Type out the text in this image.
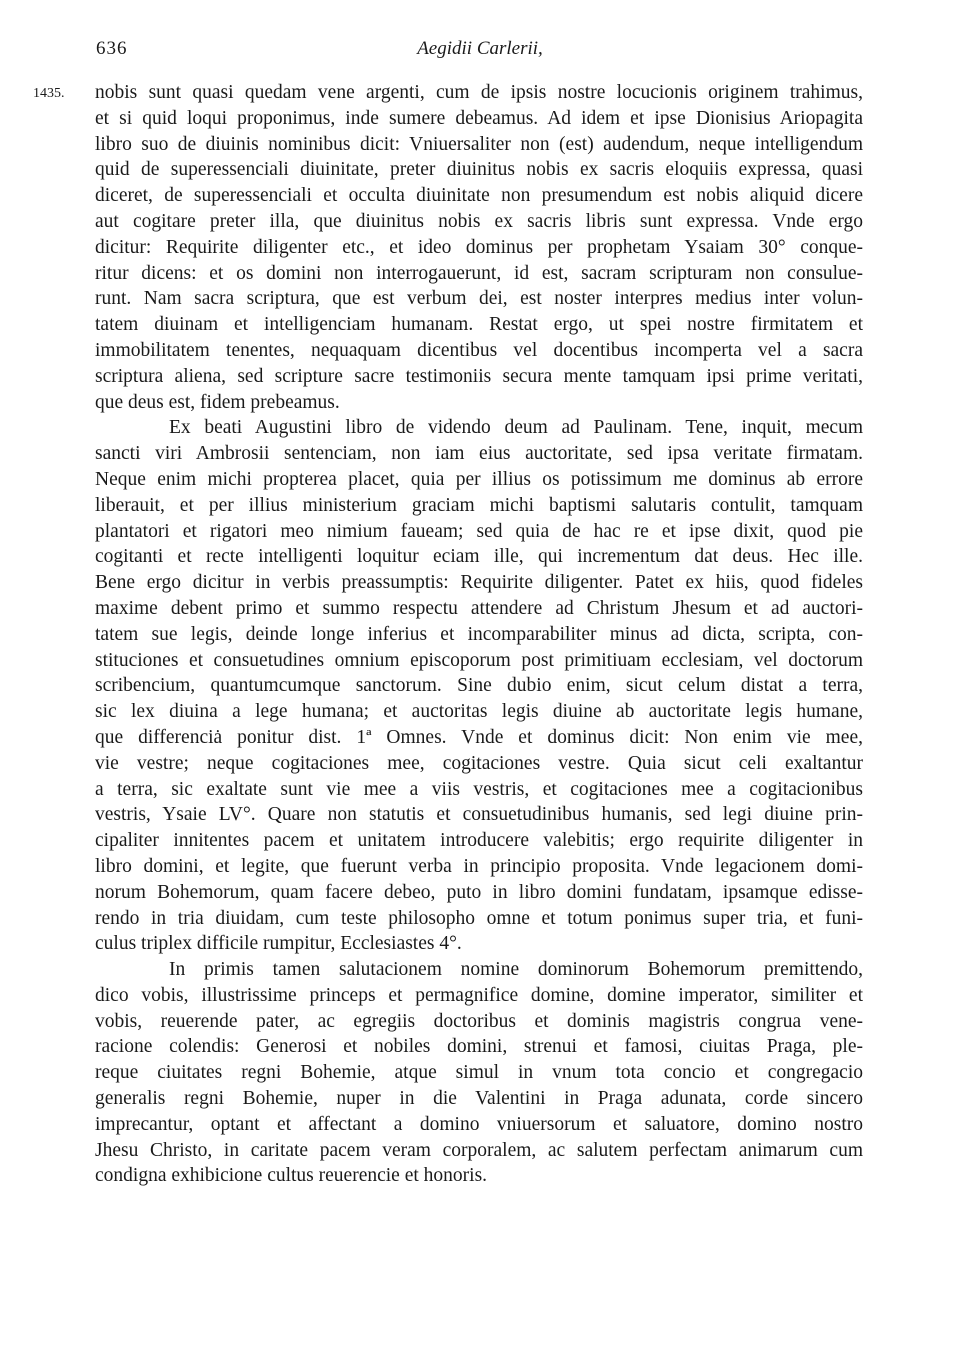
636	Aegidii Carlerii,
1435. nobis sunt quasi quedam vene argenti, cum de ipsis nostre locucionis originem trahimus,
et si quid loqui proponimus, inde sumere debeamus. Ad idem et ipse Dionisius Ariopagita
libro suo de diuinis nominibus dicit: Vniuersaliter non (est) audendum, neque intelligendum
quid de superessenciali diuinitate, preter diuinitus nobis ex sacris eloquiis expressa, quasi
diceret, de superessenciali et occulta diuinitate non presumendum est nobis aliquid dicere
aut cogitare preter illa, que diuinitus nobis ex sacris libris sunt expressa. Vnde ergo
dicitur: Requirite diligenter etc., et ideo dominus per prophetam Ysaiam 30° conque-
ritur dicens: et os domini non interrogauerunt, id est, sacram scripturam non consulue-
runt. Nam sacra scriptura, que est verbum dei, est noster interpres medius inter volun-
tatem diuinam et intelligenciam humanam. Restat ergo, ut spei nostre firmitatem et
immobilitatem tenentes, nequaquam dicentibus vel docentibus incomperta vel a sacra
scriptura aliena, sed scripture sacre testimoniis secura mente tamquam ipsi prime veritati,
que deus est, fidem prebeamus.
Ex beati Augustini libro de videndo deum ad Paulinam. Tene, inquit, mecum
sancti viri Ambrosii sentenciam, non iam eius auctoritate, sed ipsa veritate firmatam.
Neque enim michi propterea placet, quia per illius os potissimum me dominus ab errore
liberauit, et per illius ministerium graciam michi baptismi salutaris contulit, tamquam
plantatori et rigatori meo nimium faueam; sed quia de hac re et ipse dixit, quod pie
cogitanti et recte intelligenti loquitur eciam ille, qui incrementum dat deus. Hec ille.
Bene ergo dicitur in verbis preassumptis: Requirite diligenter. Patet ex hiis, quod fideles
maxime debent primo et summo respectu attendere ad Christum Jhesum et ad auctori-
tatem sue legis, deinde longe inferius et incomparabiliter minus ad dicta, scripta, con-
stituciones et consuetudines omnium episcoporum post primitiuam ecclesiam, vel doctorum
scribencium, quantumcumque sanctorum. Sine dubio enim, sicut celum distat a terra,
sic lex diuina a lege humana; et auctoritas legis diuine ab auctoritate legis humane,
que differenciȧ ponitur dist. 1ª Omnes. Vnde et dominus dicit: Non enim vie mee,
vie vestre; neque cogitaciones mee, cogitaciones vestre. Quia sicut celi exaltantur
a terra, sic exaltate sunt vie mee a viis vestris, et cogitaciones mee a cogitacionibus
vestris, Ysaie LV°. Quare non statutis et consuetudinibus humanis, sed legi diuine prin-
cipaliter innitentes pacem et unitatem introducere valebitis; ergo requirite diligenter in
libro domini, et legite, que fuerunt verba in principio proposita. Vnde legacionem domi-
norum Bohemorum, quam facere debeo, puto in libro domini fundatam, ipsamque edisse-
rendo in tria diuidam, cum teste philosopho omne et totum ponimus super tria, et funi-
culus triplex difficile rumpitur, Ecclesiastes 4°.
In primis tamen salutacionem nomine dominorum Bohemorum premittendo,
dico vobis, illustrissime princeps et permagnifice domine, domine imperator, similiter et
vobis, reuerende pater, ac egregiis doctoribus et dominis magistris congrua vene-
racione colendis: Generosi et nobiles domini, strenui et famosi, ciuitas Praga, ple-
reque ciuitates regni Bohemie, atque simul in vnum tota concio et congregacio
generalis regni Bohemie, nuper in die Valentini in Praga adunata, corde sincero
imprecantur, optant et affectant a domino vniuersorum et saluatore, domino nostro
Jhesu Christo, in caritate pacem veram corporalem, ac salutem perfectam animarum cum
condigna exhibicione cultus reuerencie et honoris.
